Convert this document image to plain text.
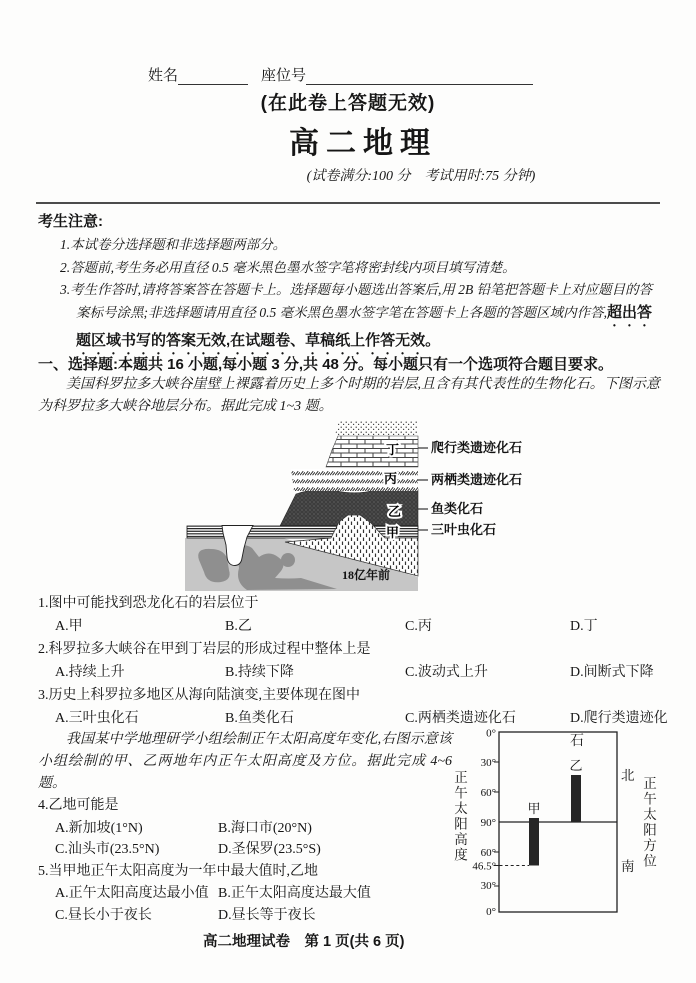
姓名	座位号
(在此卷上答题无效)
高二地理
(试卷满分:100 分　考试用时:75 分钟)
考生注意:
1.本试卷分选择题和非选择题两部分。
2.答题前,考生务必用直径 0.5 毫米黑色墨水签字笔将密封线内项目填写清楚。
3.考生作答时,请将答案答在答题卡上。选择题每小题选出答案后,用 2B 铅笔把答题卡上对应题目的答案标号涂黑;非选择题请用直径 0.5 毫米黑色墨水签字笔在答题卡上各题的答题区域内作答,超出答题区域书写的答案无效,在试题卷、草稿纸上作答无效。
一、选择题:本题共 16 小题,每小题 3 分,共 48 分。每小题只有一个选项符合题目要求。
美国科罗拉多大峡谷崖壁上裸露着历史上多个时期的岩层,且含有其代表性的生物化石。下图示意为科罗拉多大峡谷地层分布。据此完成 1~3 题。
丁
丙
乙
甲
爬行类遗迹化石
两栖类遗迹化石
鱼类化石
三叶虫化石
18亿年前
1.图中可能找到恐龙化石的岩层位于
A.甲	B.乙	C.丙	D.丁
2.科罗拉多大峡谷在甲到丁岩层的形成过程中整体上是
A.持续上升	B.持续下降	C.波动式上升	D.间断式下降
3.历史上科罗拉多地区从海向陆演变,主要体现在图中
A.三叶虫化石	B.鱼类化石	C.两栖类遗迹化石	D.爬行类遗迹化石
我国某中学地理研学小组绘制正午太阳高度年变化,右图示意该小组绘制的甲、乙两地年内正午太阳高度及方位。据此完成 4~6 题。
4.乙地可能是
A.新加坡(1°N)	B.海口市(20°N)
C.汕头市(23.5°N)	D.圣保罗(23.5°S)
5.当甲地正午太阳高度为一年中最大值时,乙地
A.正午太阳高度达最小值 B.正午太阳高度达最大值
C.昼长小于夜长	D.昼长等于夜长
甲
乙
0°
30°
60°
90°
60°
46.5°
30°
0°
北
南
正午太阳高度	正午太阳方位
高二地理试卷　第 1 页(共 6 页)
